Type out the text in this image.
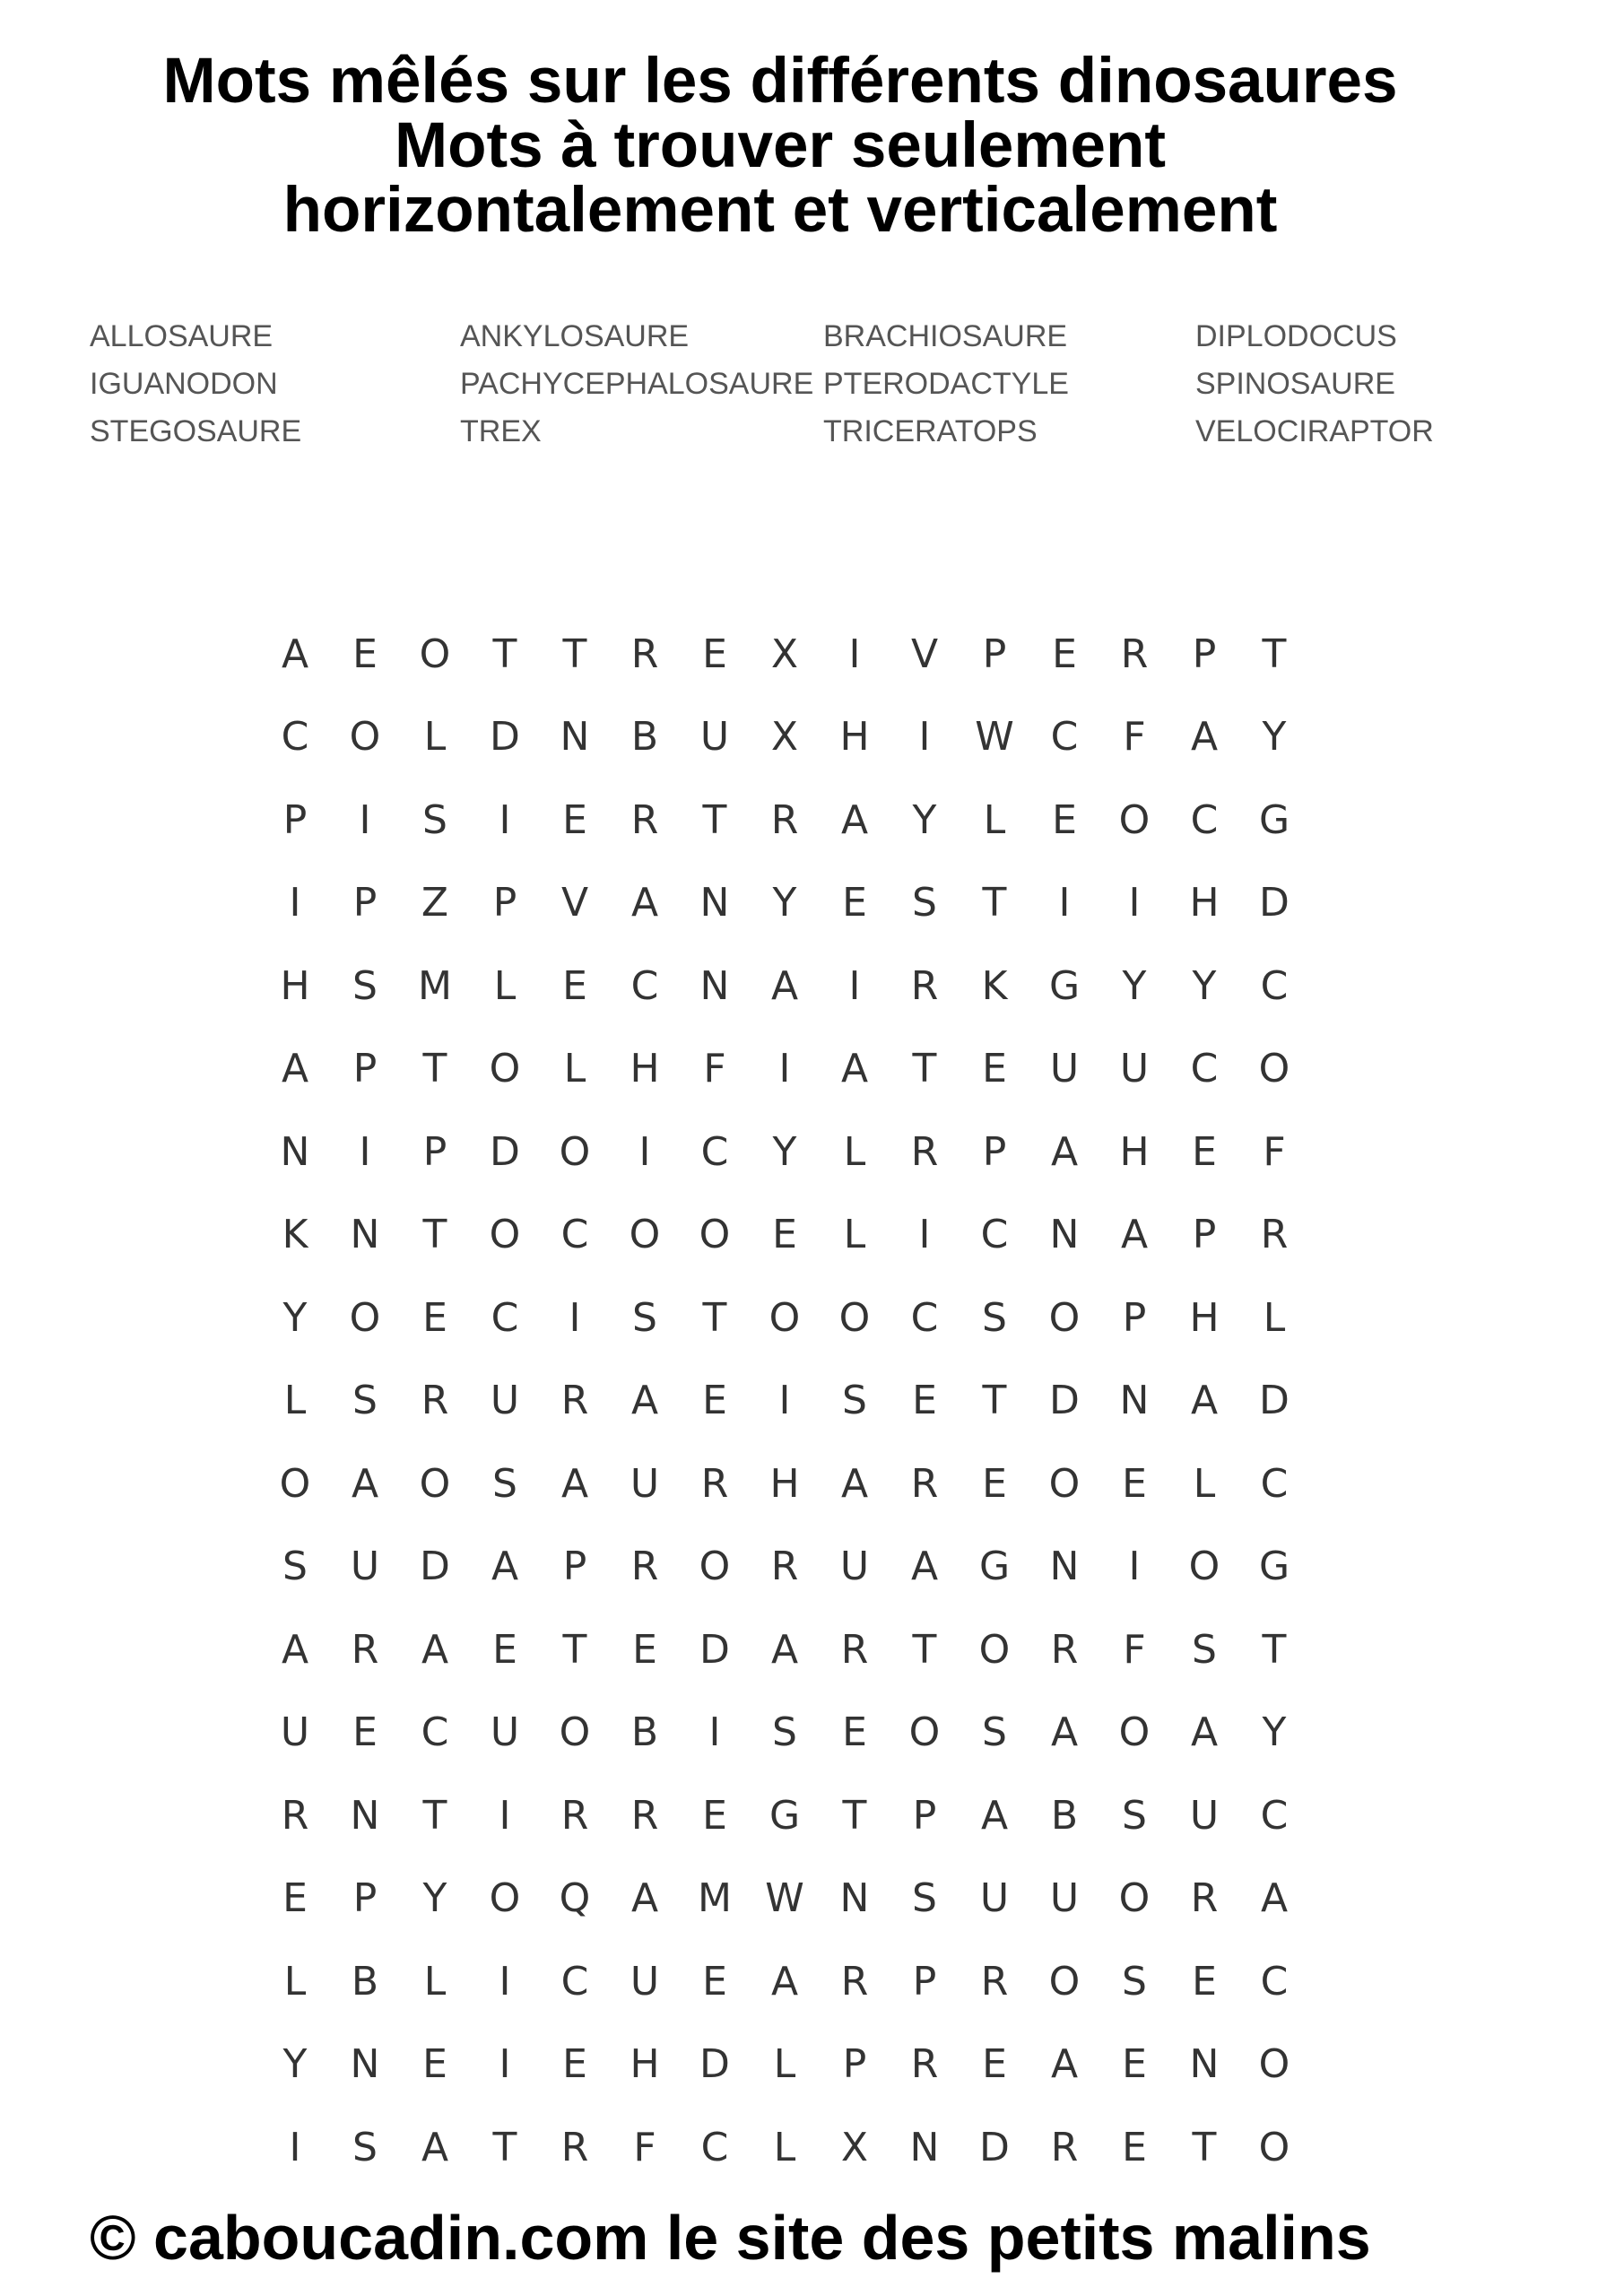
Mots mêlés sur les différents dinosaures
Mots à trouver seulement
horizontalement et verticalement
ALLOSAURE
IGUANODON
STEGOSAURE
ANKYLOSAURE
PACHYCEPHALOSAURE
TREX
BRACHIOSAURE
PTERODACTYLE
TRICERATOPS
DIPLODOCUS
SPINOSAURE
VELOCIRAPTOR
A	E	O	T	T	R	E	X	I	V	P	E	R	P	T
C	O	L	D	N	B	U	X	H	I	W C	F	A	Y
P	I	S	I	E	R	T	R	A	Y	L	E	O	C	G
I	P	Z	P	V	A	N	Y	E	S	T	I	I	H	D
H	S	M	L	E	C	N	A	I	R	K	G	Y	Y	C
A	P	T	O	L	H	F	I	A	T	E	U	U	C	O
N	I	P	D O	I	C	Y	L	R	P	A	H	E	F
K	N	T	O	C	O O	E	L	I	C	N	A	P	R
Y	O	E	C	I	S	T	O O	C	S	O	P	H	L
L	S	R	U	R	A	E	I	S	E	T	D	N	A	D
O	A	O	S	A	U	R	H	A	R	E	O	E	L	C
S	U	D	A	P	R	O	R	U	A	G	N	I	O G
A	R	A	E	T	E	D	A	R	T	O	R	F	S	T
U	E	C	U	O	B	I	S	E	O	S	A	O	A	Y
R	N	T	I	R	R	E	G	T	P	A	B	S	U	C
E	P	Y	O Q	A M W N	S	U	U	O	R	A
L	B	L	I	C	U	E	A	R	P	R	O	S	E	C
Y	N	E	I	E	H	D	L	P	R	E	A	E	N	O
I	S	A	T	R	F	C	L	X	N	D	R	E	T	O
© caboucadin.com le site des petits malins
